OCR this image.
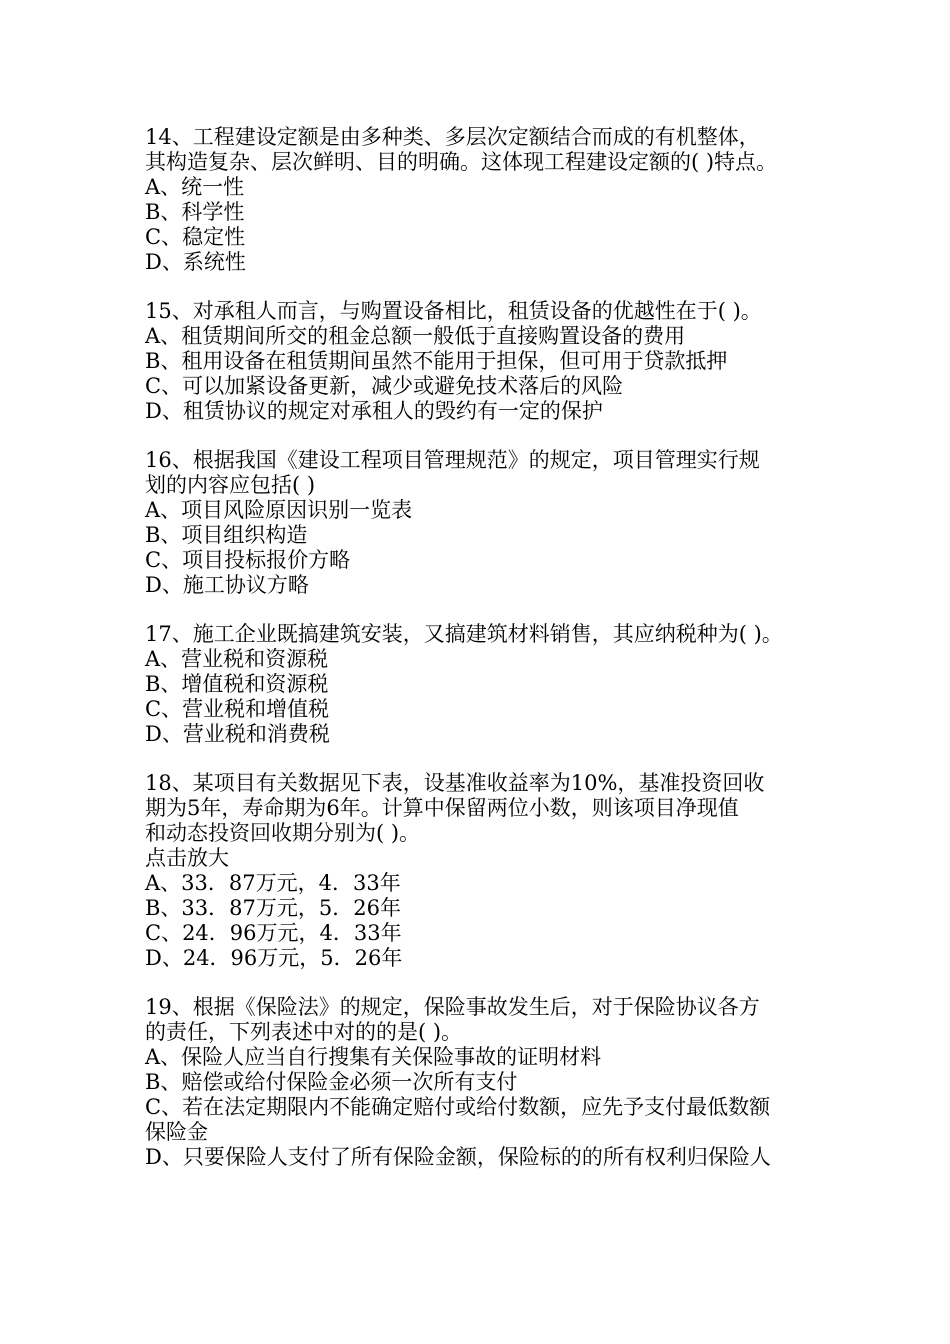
14、工程建设定额是由多种类、多层次定额结合而成的有机整体，
其构造复杂、层次鲜明、目的明确。这体现工程建设定额的( )特点。
A、统一性
B、科学性
C、稳定性
D、系统性
15、对承租人而言，与购置设备相比，租赁设备的优越性在于( )。
A、租赁期间所交的租金总额一般低于直接购置设备的费用
B、租用设备在租赁期间虽然不能用于担保，但可用于贷款抵押
C、可以加紧设备更新，减少或避免技术落后的风险
D、租赁协议的规定对承租人的毁约有一定的保护
16、根据我国《建设工程项目管理规范》的规定，项目管理实行规
划的内容应包括( )
A、项目风险原因识别一览表
B、项目组织构造
C、项目投标报价方略
D、施工协议方略
17、施工企业既搞建筑安装，又搞建筑材料销售，其应纳税种为( )。
A、营业税和资源税
B、增值税和资源税
C、营业税和增值税
D、营业税和消费税
18、某项目有关数据见下表，设基准收益率为10%，基准投资回收
期为5年，寿命期为6年。计算中保留两位小数，则该项目净现值
和动态投资回收期分别为( )。
点击放大
A、33．87万元，4．33年
B、33．87万元，5．26年
C、24．96万元，4．33年
D、24．96万元，5．26年
19、根据《保险法》的规定，保险事故发生后，对于保险协议各方
的责任，下列表述中对的的是( )。
A、保险人应当自行搜集有关保险事故的证明材料
B、赔偿或给付保险金必须一次所有支付
C、若在法定期限内不能确定赔付或给付数额，应先予支付最低数额
保险金
D、只要保险人支付了所有保险金额，保险标的的所有权利归保险人
